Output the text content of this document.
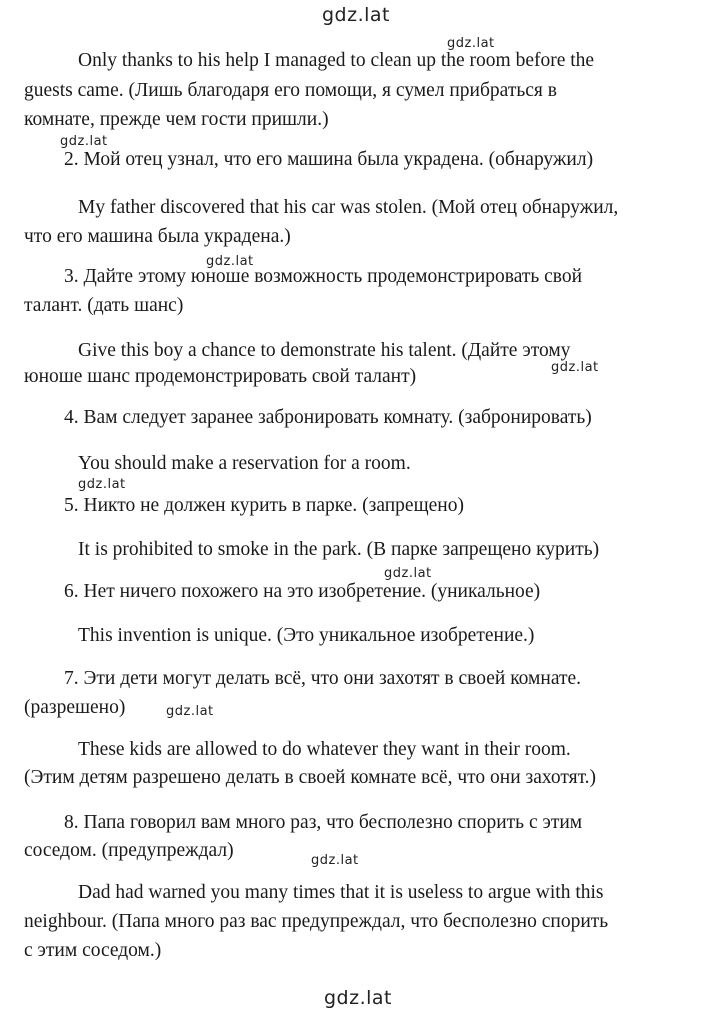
gdz.lat
gdz.lat
gdz.lat
gdz.lat
gdz.lat
gdz.lat
gdz.lat
gdz.lat
gdz.lat
gdz.lat
Only thanks to his help I managed to clean up the room before the
guests came. (Лишь благодаря его помощи, я сумел прибраться в
комнате, прежде чем гости пришли.)
2. Мой отец узнал, что его машина была украдена. (обнаружил)
My father discovered that his car was stolen. (Мой отец обнаружил,
что его машина была украдена.)
3. Дайте этому юноше возможность продемонстрировать свой
талант. (дать шанс)
Give this boy a chance to demonstrate his talent. (Дайте этому
юноше шанс продемонстрировать свой талант)
4. Вам следует заранее забронировать комнату. (забронировать)
You should make a reservation for a room.
5. Никто не должен курить в парке. (запрещено)
It is prohibited to smoke in the park. (В парке запрещено курить)
6. Нет ничего похожего на это изобретение. (уникальное)
This invention is unique. (Это уникальное изобретение.)
7. Эти дети могут делать всё, что они захотят в своей комнате.
(разрешено)
These kids are allowed to do whatever they want in their room.
(Этим детям разрешено делать в своей комнате всё, что они захотят.)
8. Папа говорил вам много раз, что бесполезно спорить с этим
соседом. (предупреждал)
Dad had warned you many times that it is useless to argue with this
neighbour. (Папа много раз вас предупреждал, что бесполезно спорить
с этим соседом.)
